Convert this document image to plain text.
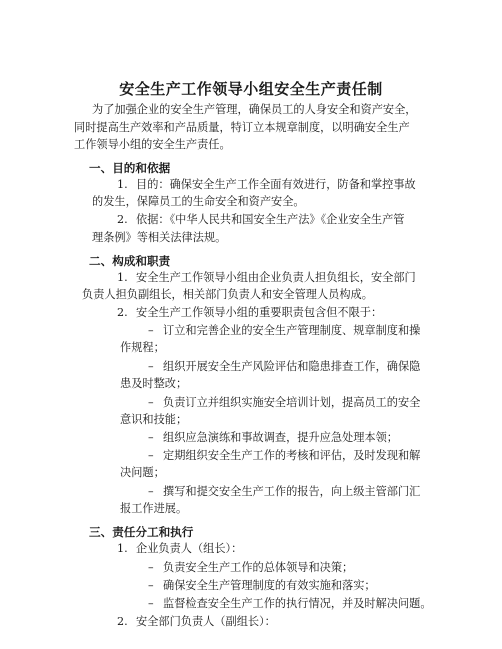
安全生产工作领导小组安全生产责任制
为了加强企业的安全生产管理，确保员工的人身安全和资产安全，
同时提高生产效率和产品质量，特订立本规章制度，以明确安全生产
工作领导小组的安全生产责任。
一、目的和依据
1. 目的：确保安全生产工作全面有效进行，防备和掌控事故
的发生，保障员工的生命安全和资产安全。
2. 依据：《中华人民共和国安全生产法》《企业安全生产管
理条例》等相关法律法规。
二、构成和职责
1. 安全生产工作领导小组由企业负责人担负组长，安全部门
负责人担负副组长，相关部门负责人和安全管理人员构成。
2. 安全生产工作领导小组的重要职责包含但不限于：
– 订立和完善企业的安全生产管理制度、规章制度和操
作规程；
– 组织开展安全生产风险评估和隐患排查工作，确保隐
患及时整改；
– 负责订立并组织实施安全培训计划，提高员工的安全
意识和技能；
– 组织应急演练和事故调查，提升应急处理本领；
– 定期组织安全生产工作的考核和评估，及时发现和解
决问题；
– 撰写和提交安全生产工作的报告，向上级主管部门汇
报工作进展。
三、责任分工和执行
1. 企业负责人（组长）：
– 负责安全生产工作的总体领导和决策；
– 确保安全生产管理制度的有效实施和落实；
– 监督检查安全生产工作的执行情况，并及时解决问题。
2. 安全部门负责人（副组长）：
